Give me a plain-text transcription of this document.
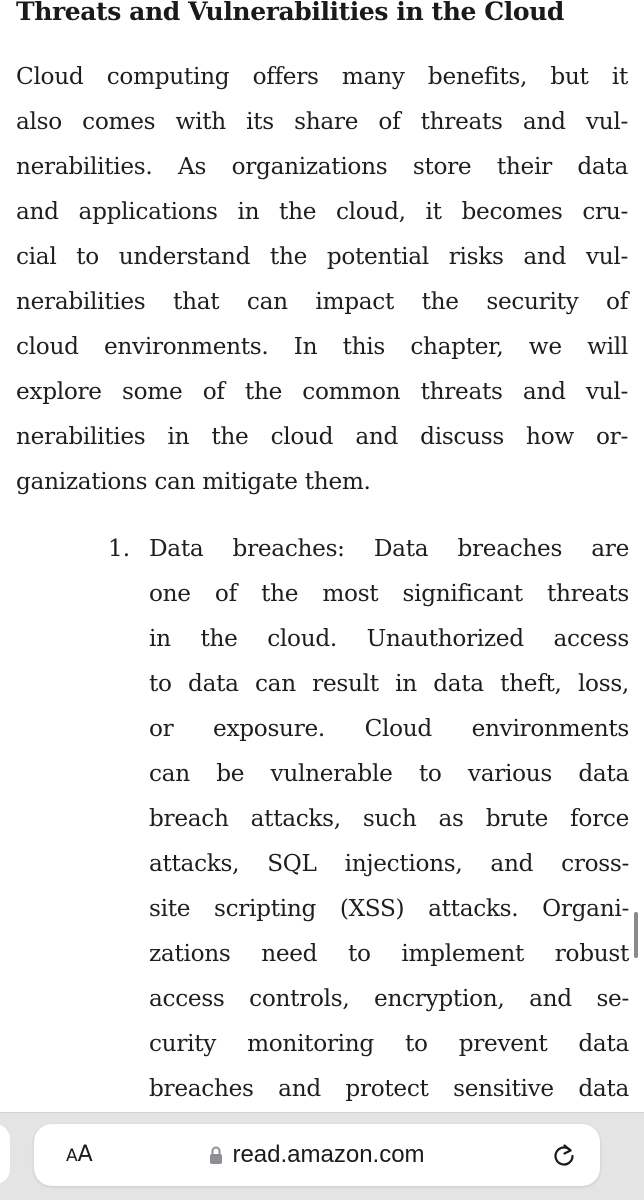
Threats and Vulnerabilities in the Cloud

Cloud computing offers many benefits, but it
also comes with its share of threats and vul-
nerabilities. As organizations store their data
and applications in the cloud, it becomes cru-
cial to understand the potential risks and vul-
nerabilities that can impact the security of
cloud environments. In this chapter, we will
explore some of the common threats and vul-
nerabilities in the cloud and discuss how or-
ganizations can mitigate them.

1. Data breaches: Data breaches are
one of the most significant threats
in the cloud. Unauthorized access
to data can result in data theft, loss,
or exposure. Cloud environments
can be vulnerable to various data
breach attacks, such as brute force
attacks, SQL injections, and cross-
site scripting (XSS) attacks. Organi-
zations need to implement robust
access controls, encryption, and se-
curity monitoring to prevent data
breaches and protect sensitive data

AA	read.amazon.com
